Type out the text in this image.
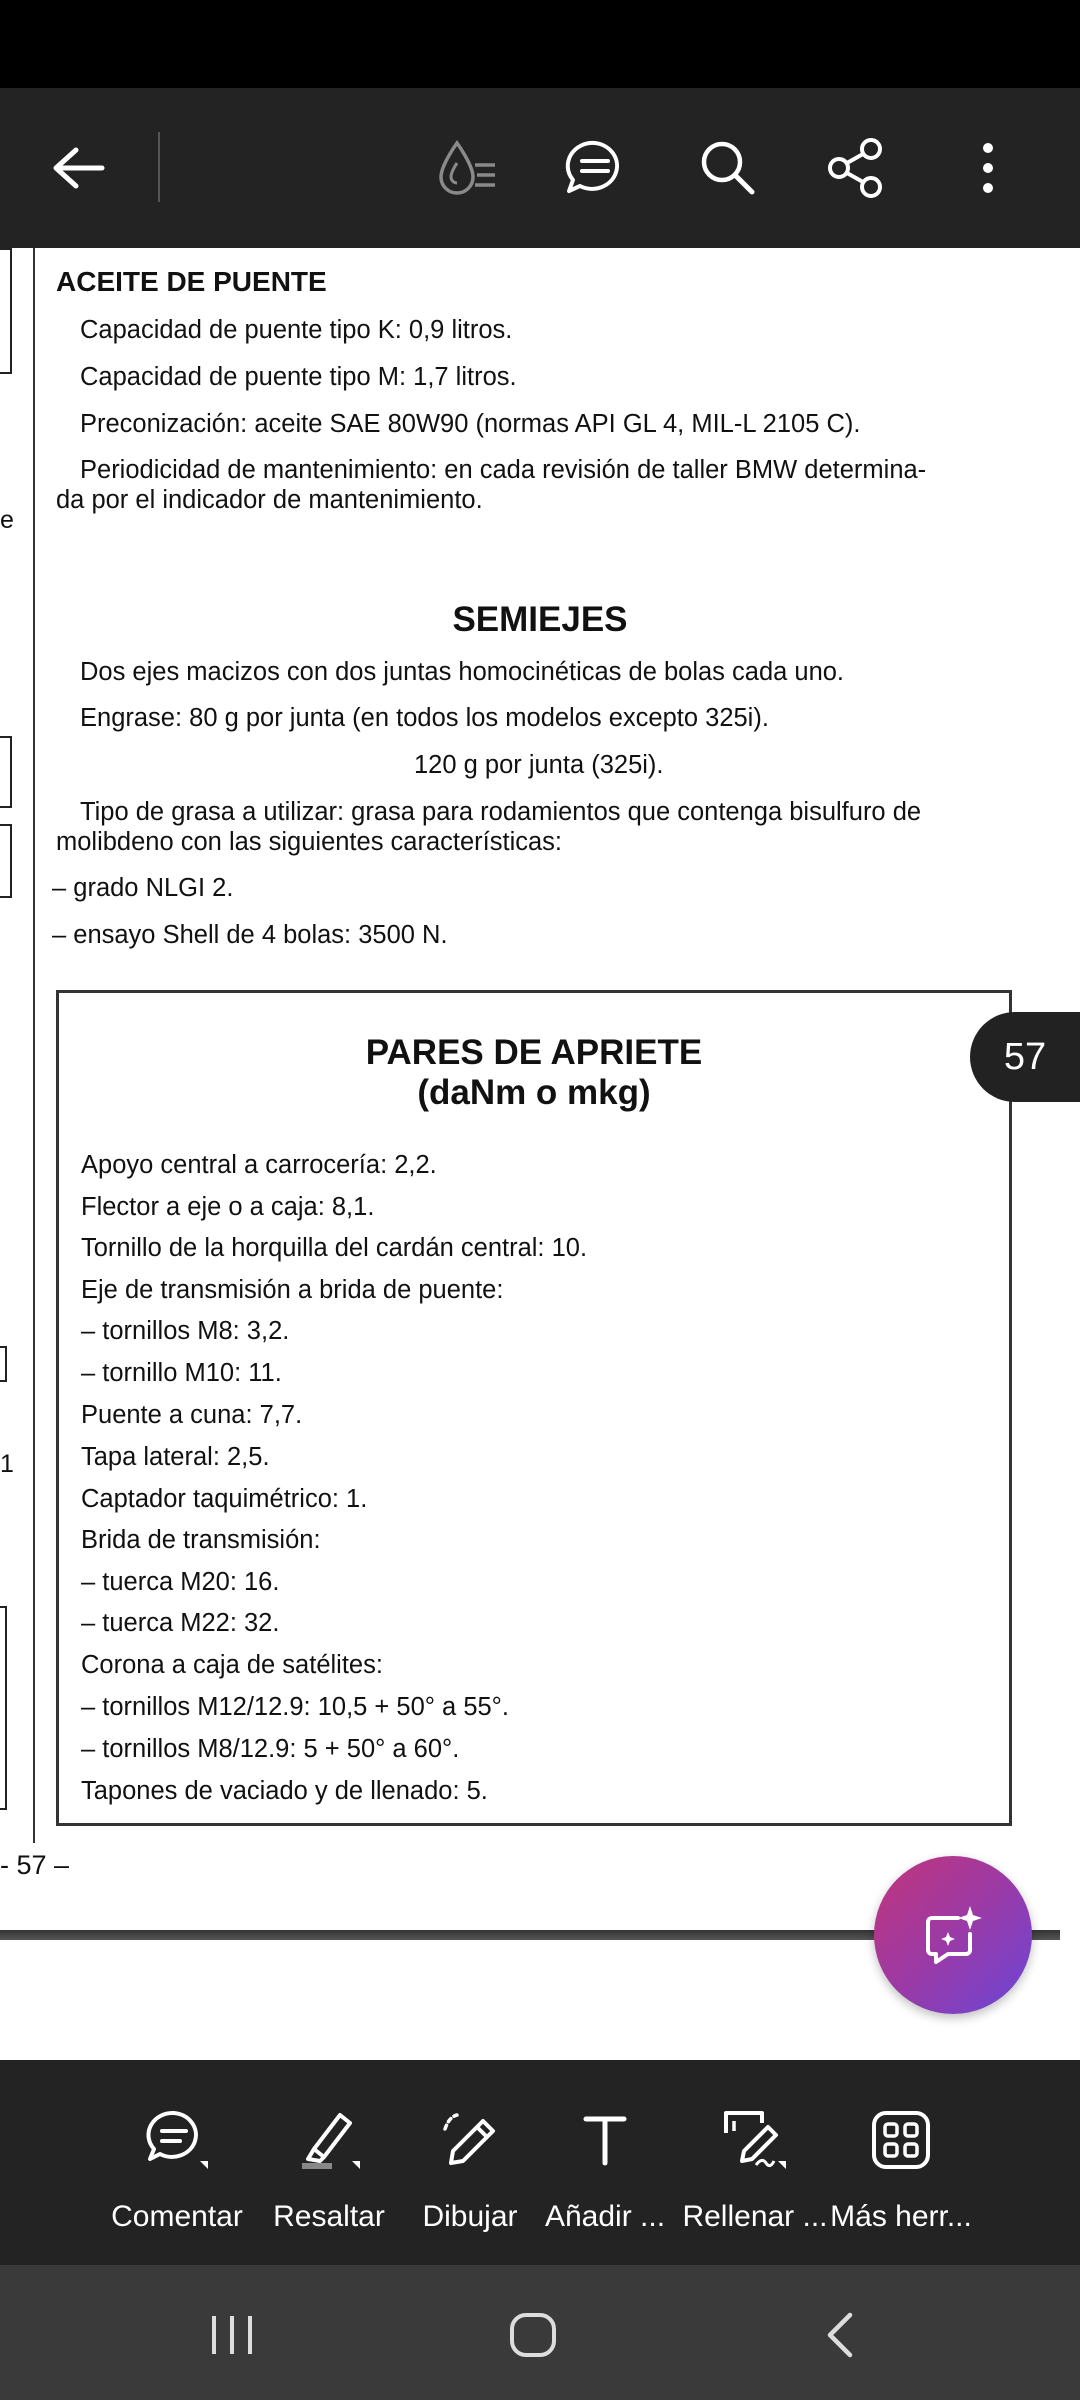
e
1
ACEITE DE PUENTE
Capacidad de puente tipo K: 0,9 litros.
Capacidad de puente tipo M: 1,7 litros.
Preconización: aceite SAE 80W90 (normas API GL 4, MIL-L 2105 C).
Periodicidad de mantenimiento: en cada revisión de taller BMW determina-
da por el indicador de mantenimiento.
SEMIEJES
Dos ejes macizos con dos juntas homocinéticas de bolas cada uno.
Engrase: 80 g por junta (en todos los modelos excepto 325i).
120 g por junta (325i).
Tipo de grasa a utilizar: grasa para rodamientos que contenga bisulfuro de
molibdeno con las siguientes características:
– grado NLGI 2.
– ensayo Shell de 4 bolas: 3500 N.
PARES DE APRIETE
(daNm o mkg)
Apoyo central a carrocería: 2,2.
Flector a eje o a caja: 8,1.
Tornillo de la horquilla del cardán central: 10.
Eje de transmisión a brida de puente:
– tornillos M8: 3,2.
– tornillo M10: 11.
Puente a cuna: 7,7.
Tapa lateral: 2,5.
Captador taquimétrico: 1.
Brida de transmisión:
– tuerca M20: 16.
– tuerca M22: 32.
Corona a caja de satélites:
– tornillos M12/12.9: 10,5 + 50° a 55°.
– tornillos M8/12.9: 5 + 50° a 60°.
Tapones de vaciado y de llenado: 5.
- 57 –
57
Comentar	Resaltar	Dibujar Añadir ... Rellenar ... Más herr...
